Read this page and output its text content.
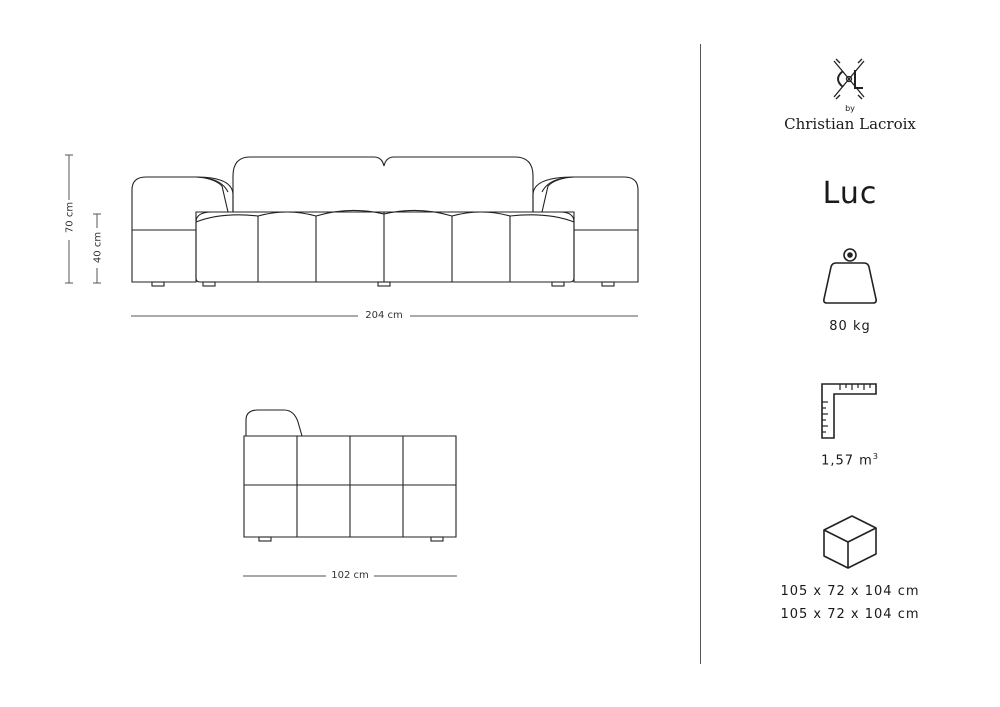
70 cm
40 cm
204 cm
102 cm
by
Christian Lacroix
Luc
80 kg
1,57 $m^3$
105 x 72 x 104 cm
105 x 72 x 104 cm
